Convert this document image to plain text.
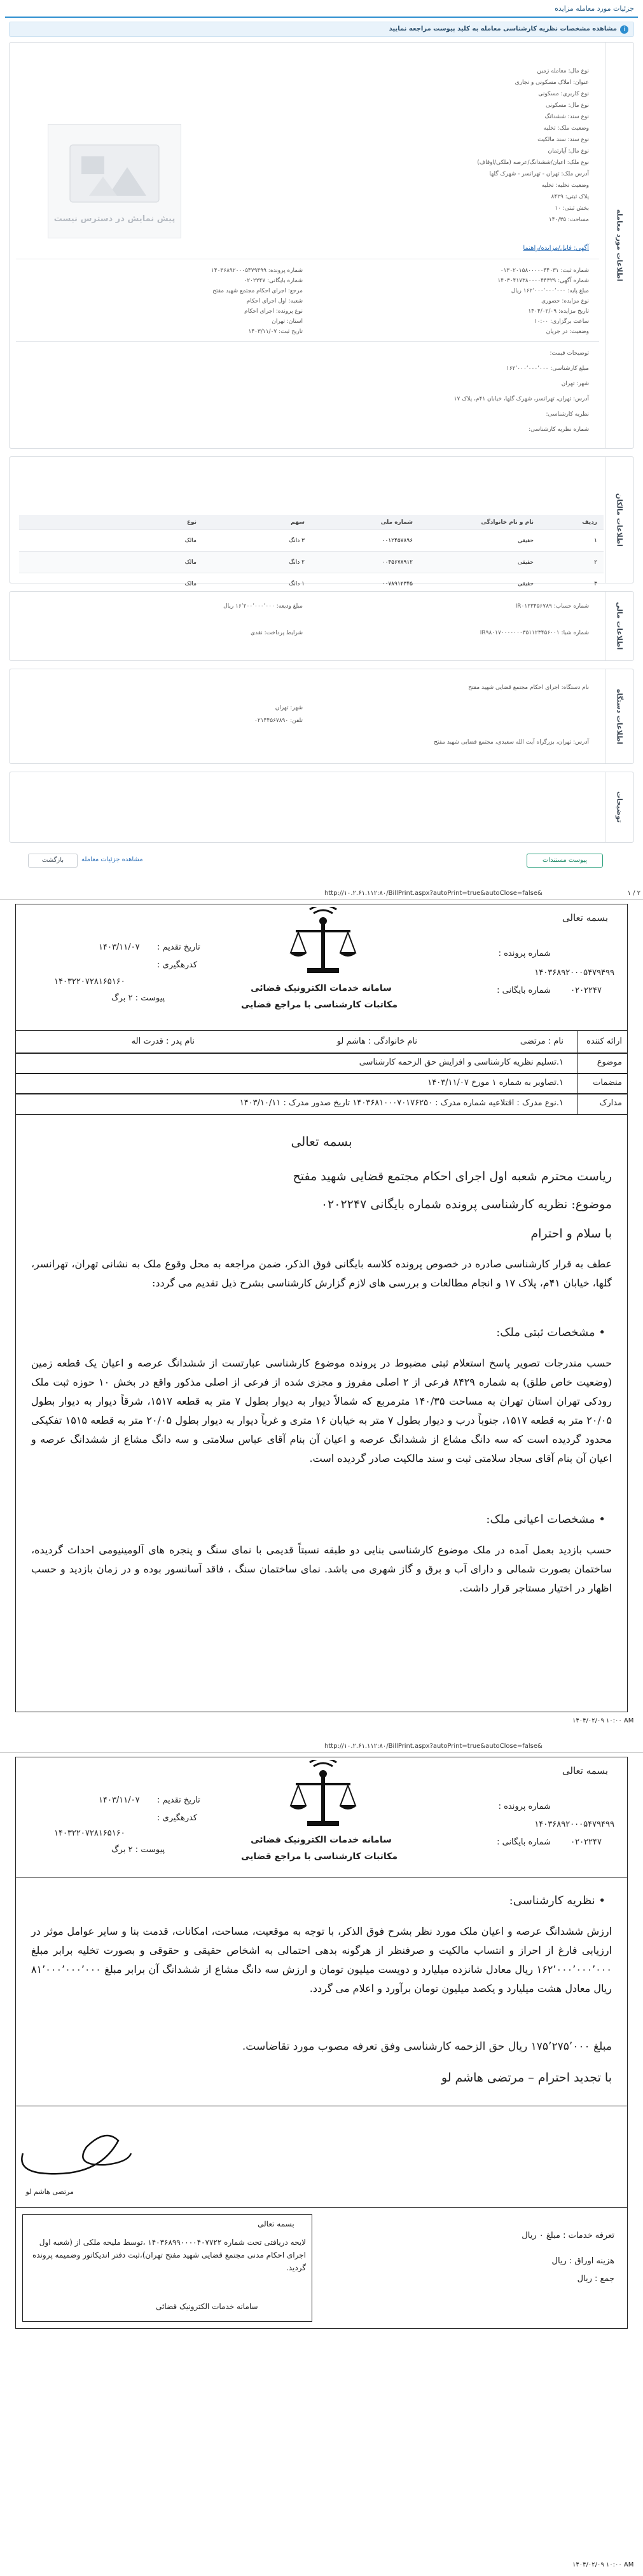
جزئیات مورد معامله مزایده
i
مشاهده مشخصات نظریه کارشناسی معامله به کلید پیوست مراجعه نمایید
اطلاعات مورد معامله
پیش نمایش در دسترس نیست
نوع مال: معامله زمین
عنوان: املاک مسکونی و تجاری
نوع کاربری: مسکونی
نوع مال: مسکونی
نوع سند: ششدانگ
وضعیت ملک: تخلیه
نوع سند: سند مالکیت
نوع مال: آپارتمان
نوع ملک: اعیان/ششدانگ/عرصه (ملکی/اوقاف)
آدرس ملک: تهران - تهرانسر - شهرک گلها
وضعیت تخلیه: تخلیه
پلاک ثبتی: ۸۴۲۹
بخش ثبتی: ۱۰
مساحت: ۱۴۰/۳۵
آگهی: فایل/مزایده/راهنما
شماره پرونده: ۱۴۰۳۶۸۹۲۰۰۰۵۴۷۹۴۹۹
شماره بایگانی: ۰۲۰۲۲۴۷
مرجع: اجرای احکام مجتمع شهید مفتح
شعبه: اول اجرای احکام
نوع پرونده: اجرای احکام
استان: تهران
تاریخ ثبت: ۱۴۰۳/۱۱/۰۷
شماره ثبت: ۰۱۳۰۲۰۱۵۸۰۰۰۰۰۴۴۰۳۱
شماره آگهی: ۱۴۰۳۰۴۱۷۳۸۰۰۰۰۴۴۳۲۹
مبلغ پایه: ۱۶۲٬۰۰۰٬۰۰۰٬۰۰۰ ریال
نوع مزایده: حضوری
تاریخ مزایده: ۱۴۰۴/۰۲/۰۹
ساعت برگزاری: ۱۰:۰۰
وضعیت: در جریان
توضیحات قیمت:
مبلغ کارشناسی: ۱۶۲٬۰۰۰٬۰۰۰٬۰۰۰
شهر: تهران
آدرس: تهران، تهرانسر، شهرک گلها، خیابان ۴۱م، پلاک ۱۷
نظریه کارشناسی:
شماره نظریه کارشناسی:
اطلاعات مالکان
ردیف
نام و نام خانوادگی
شماره ملی
سهم
نوع
۱
حقیقی
۰۰۱۲۴۵۷۸۹۶
۳ دانگ
مالک
۲
حقیقی
۰۰۴۵۶۷۸۹۱۲
۲ دانگ
مالک
۳
حقیقی
۰۰۷۸۹۱۲۳۴۵
۱ دانگ
مالک
اطلاعات مالی
شماره حساب: IR۰۱۲۳۴۵۶۷۸۹
مبلغ ودیعه: ۱۶٬۲۰۰٬۰۰۰٬۰۰۰ ریال
شماره شبا: IR۹۸۰۱۷۰۰۰۰۰۰۰۳۵۱۱۲۳۴۵۶۰۰۱
شرایط پرداخت: نقدی
اطلاعات دستگاه
نام دستگاه: اجرای احکام مجتمع قضایی شهید مفتح
شهر: تهران
تلفن: ۰۲۱۴۴۵۶۷۸۹۰
آدرس: تهران، بزرگراه آیت الله سعیدی، مجتمع قضایی شهید مفتح
توضیحات
پیوست مستندات
مشاهده جزئیات معامله
بازگشت
http://۱۰.۲.۶۱.۱۱۲:۸۰/BillPrint.aspx?autoPrint=true&autoClose=false&	۲ / ۱
بسمه تعالی
شماره پرونده :
۱۴۰۳۶۸۹۲۰۰۰۵۴۷۹۴۹۹
شماره بایگانی : ۰۲۰۲۲۴۷
سامانه خدمات الکترونیک قضائی
مکاتبات کارشناسی با مراجع قضایی
تاریخ تقدیم :
۱۴۰۳/۱۱/۰۷
کدرهگیری :
۱۴۰۳۲۲۰۷۲۸۱۶۵۱۶۰
پیوست : ۲ برگ
ارائه کننده
نام : مرتضی
نام خانوادگی : هاشم لو
نام پدر : قدرت اله
موضوع
۱.تسلیم نظریه کارشناسی و افزایش حق الزحمه کارشناسی
منضمات
۱.تصاویر به شماره ۱ مورخ ۱۴۰۳/۱۱/۰۷
مدارک
۱.نوع مدرک : اقتلاعیه شماره مدرک : ۱۴۰۳۶۸۱۰۰۰۷۰۱۷۶۲۵۰ تاریخ صدور مدرک : ۱۴۰۳/۱۰/۱۱
بسمه تعالی
ریاست محترم شعبه اول اجرای احکام مجتمع قضایی شهید مفتح
موضوع: نظریه کارشناسی پرونده شماره بایگانی ۰۲۰۲۲۴۷
با سلام و احترام
عطف به قرار کارشناسی صادره در خصوص پرونده کلاسه بایگانی فوق الذکر، ضمن مراجعه به محل وقوع ملک به نشانی تهران، تهرانسر، گلها، خیابان ۴۱م، پلاک ۱۷ و انجام مطالعات و بررسی های لازم گزارش کارشناسی بشرح ذیل تقدیم می گردد:
• مشخصات ثبتی ملک:
حسب مندرجات تصویر پاسخ استعلام ثبتی مضبوط در پرونده موضوع کارشناسی عبارتست از ششدانگ عرصه و اعیان یک قطعه زمین (وضعیت خاص طلق) به شماره ۸۴۲۹ فرعی از ۲ اصلی مفروز و مجزی شده از فرعی از اصلی مذکور واقع در بخش ۱۰ حوزه ثبت ملک رودکی تهران استان تهران به مساحت ۱۴۰/۳۵ مترمربع که شمالاً دیوار به دیوار بطول ۷ متر به قطعه ۱۵۱۷، شرقاً دیوار به دیوار بطول ۲۰/۰۵ متر به قطعه ۱۵۱۷، جنوباً درب و دیوار بطول ۷ متر به خیابان ۱۶ متری و غرباً دیوار به دیوار بطول ۲۰/۰۵ متر به قطعه ۱۵۱۵ تفکیکی محدود گردیده است که سه دانگ مشاع از ششدانگ عرصه و اعیان آن بنام آقای عباس سلامتی و سه دانگ مشاع از ششدانگ عرصه و اعیان آن بنام آقای سجاد سلامتی ثبت و سند مالکیت صادر گردیده است.
• مشخصات اعیانی ملک:
حسب بازدید بعمل آمده در ملک موضوع کارشناسی بنایی دو طبقه نسبتاً قدیمی با نمای سنگ و پنجره های آلومینیومی احداث گردیده، ساختمان بصورت شمالی و دارای آب و برق و گاز شهری می باشد. نمای ساختمان سنگ ، فاقد آسانسور بوده و در زمان بازدید و حسب اظهار در اختیار مستاجر قرار داشت.
۱۴۰۴/۰۲/۰۹ ۱۰:۰۰ AM
http://۱۰.۲.۶۱.۱۱۲:۸۰/BillPrint.aspx?autoPrint=true&autoClose=false&
بسمه تعالی
شماره پرونده :
۱۴۰۳۶۸۹۲۰۰۰۵۴۷۹۴۹۹
شماره بایگانی : ۰۲۰۲۲۴۷
سامانه خدمات الکترونیک قضائی
مکاتبات کارشناسی با مراجع قضایی
تاریخ تقدیم :
۱۴۰۳/۱۱/۰۷
کدرهگیری :
۱۴۰۳۲۲۰۷۲۸۱۶۵۱۶۰
پیوست : ۲ برگ
• نظریه کارشناسی:
ارزش ششدانگ عرصه و اعیان ملک مورد نظر بشرح فوق الذکر، با توجه به موقعیت، مساحت، امکانات، قدمت بنا و سایر عوامل موثر در ارزیابی فارغ از احراز و انتساب مالکیت و صرفنظر از هرگونه بدهی احتمالی به اشخاص حقیقی و حقوقی و بصورت تخلیه برابر مبلغ ۱۶۲٬۰۰۰٬۰۰۰٬۰۰۰ ریال معادل شانزده میلیارد و دویست میلیون تومان و ارزش سه دانگ مشاع از ششدانگ آن برابر مبلغ ۸۱٬۰۰۰٬۰۰۰٬۰۰۰ ریال معادل هشت میلیارد و یکصد میلیون تومان برآورد و اعلام می گردد.
مبلغ ۱۷۵٬۲۷۵٬۰۰۰ ریال حق الزحمه کارشناسی وفق تعرفه مصوب مورد تقاضاست.
با تجدید احترام – مرتضی هاشم لو
مرتضی هاشم لو
تعرفه خدمات : مبلغ ۰ ریال
هزینه اوراق : ریال
جمع : ریال
بسمه تعالی
لایحه دریافتی تحت شماره ۱۴۰۳۶۸۹۹۰۰۰۰۴۰۷۷۲۲ ،توسط ملیحه ملکی از (شعبه اول اجرای احکام مدنی مجتمع قضایی شهید مفتح تهران)،ثبت دفتر اندیکاتور وضمیمه پرونده گردید.
سامانه خدمات الکترونیک قضائی
۱۴۰۴/۰۲/۰۹ ۱۰:۰۰ AM
